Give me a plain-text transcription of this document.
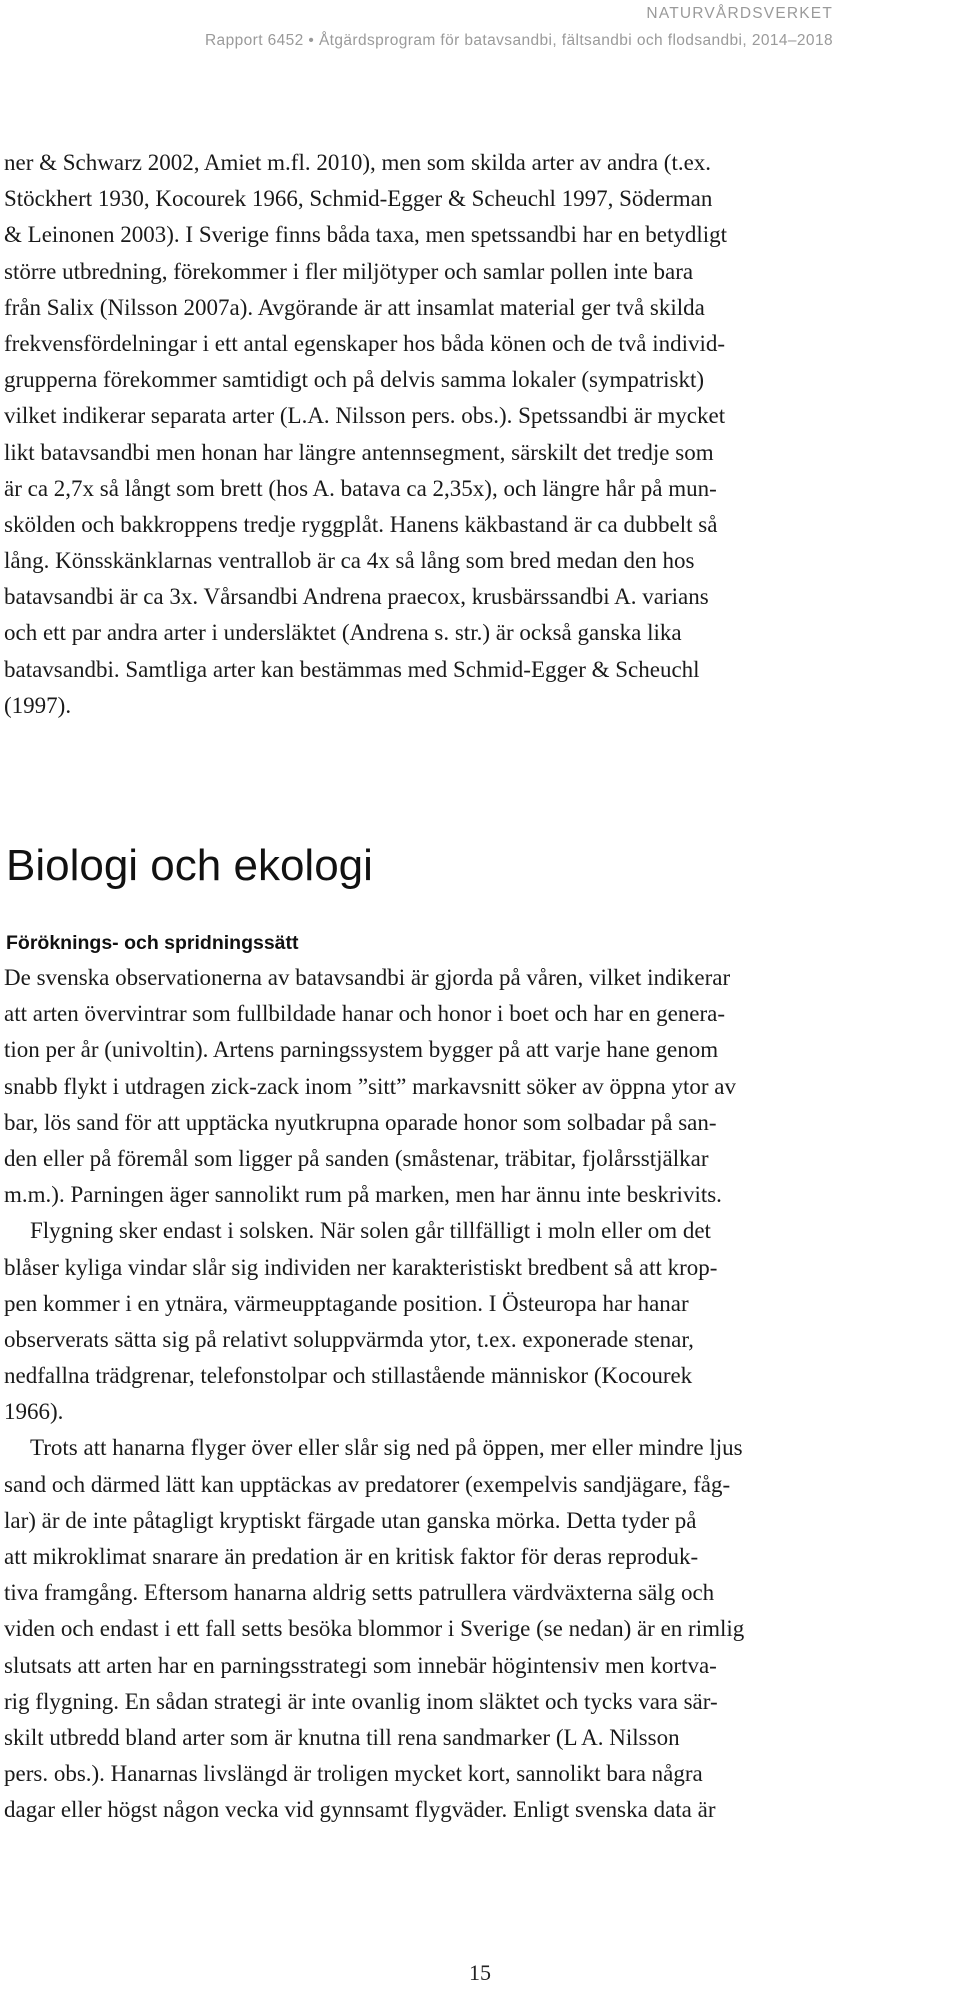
NATURVÅRDSVERKET
Rapport 6452 • Åtgärdsprogram för batavsandbi, fältsandbi och flodsandbi, 2014–2018
ner & Schwarz 2002, Amiet m.fl. 2010), men som skilda arter av andra (t.ex.
Stöckhert 1930, Kocourek 1966, Schmid-Egger & Scheuchl 1997, Söderman
& Leinonen 2003). I Sverige finns båda taxa, men spetssandbi har en betydligt
större utbredning, förekommer i fler miljötyper och samlar pollen inte bara
från Salix (Nilsson 2007a). Avgörande är att insamlat material ger två skilda
frekvensfördelningar i ett antal egenskaper hos båda könen och de två individ-
grupperna förekommer samtidigt och på delvis samma lokaler (sympatriskt)
vilket indikerar separata arter (L.A. Nilsson pers. obs.). Spetssandbi är mycket
likt batavsandbi men honan har längre antennsegment, särskilt det tredje som
är ca 2,7x så långt som brett (hos A. batava ca 2,35x), och längre hår på mun-
skölden och bakkroppens tredje ryggplåt. Hanens käkbastand är ca dubbelt så
lång. Könsskänklarnas ventrallob är ca 4x så lång som bred medan den hos
batavsandbi är ca 3x. Vårsandbi Andrena praecox, krusbärssandbi A. varians
och ett par andra arter i undersläktet (Andrena s. str.) är också ganska lika
batavsandbi. Samtliga arter kan bestämmas med Schmid-Egger & Scheuchl
(1997).
Biologi och ekologi
Föröknings- och spridningssätt
De svenska observationerna av batavsandbi är gjorda på våren, vilket indikerar
att arten övervintrar som fullbildade hanar och honor i boet och har en genera-
tion per år (univoltin). Artens parningssystem bygger på att varje hane genom
snabb flykt i utdragen zick-zack inom ”sitt” markavsnitt söker av öppna ytor av
bar, lös sand för att upptäcka nyutkrupna oparade honor som solbadar på san-
den eller på föremål som ligger på sanden (småstenar, träbitar, fjolårsstjälkar
m.m.). Parningen äger sannolikt rum på marken, men har ännu inte beskrivits.
Flygning sker endast i solsken. När solen går tillfälligt i moln eller om det
blåser kyliga vindar slår sig individen ner karakteristiskt bredbent så att krop-
pen kommer i en ytnära, värmeupptagande position. I Östeuropa har hanar
observerats sätta sig på relativt soluppvärmda ytor, t.ex. exponerade stenar,
nedfallna trädgrenar, telefonstolpar och stillastående människor (Kocourek
1966).
Trots att hanarna flyger över eller slår sig ned på öppen, mer eller mindre ljus
sand och därmed lätt kan upptäckas av predatorer (exempelvis sandjägare, fåg-
lar) är de inte påtagligt kryptiskt färgade utan ganska mörka. Detta tyder på
att mikroklimat snarare än predation är en kritisk faktor för deras reproduk-
tiva framgång. Eftersom hanarna aldrig setts patrullera värdväxterna sälg och
viden och endast i ett fall setts besöka blommor i Sverige (se nedan) är en rimlig
slutsats att arten har en parningsstrategi som innebär högintensiv men kortva-
rig flygning. En sådan strategi är inte ovanlig inom släktet och tycks vara sär-
skilt utbredd bland arter som är knutna till rena sandmarker (L A. Nilsson
pers. obs.). Hanarnas livslängd är troligen mycket kort, sannolikt bara några
dagar eller högst någon vecka vid gynnsamt flygväder. Enligt svenska data är
15
